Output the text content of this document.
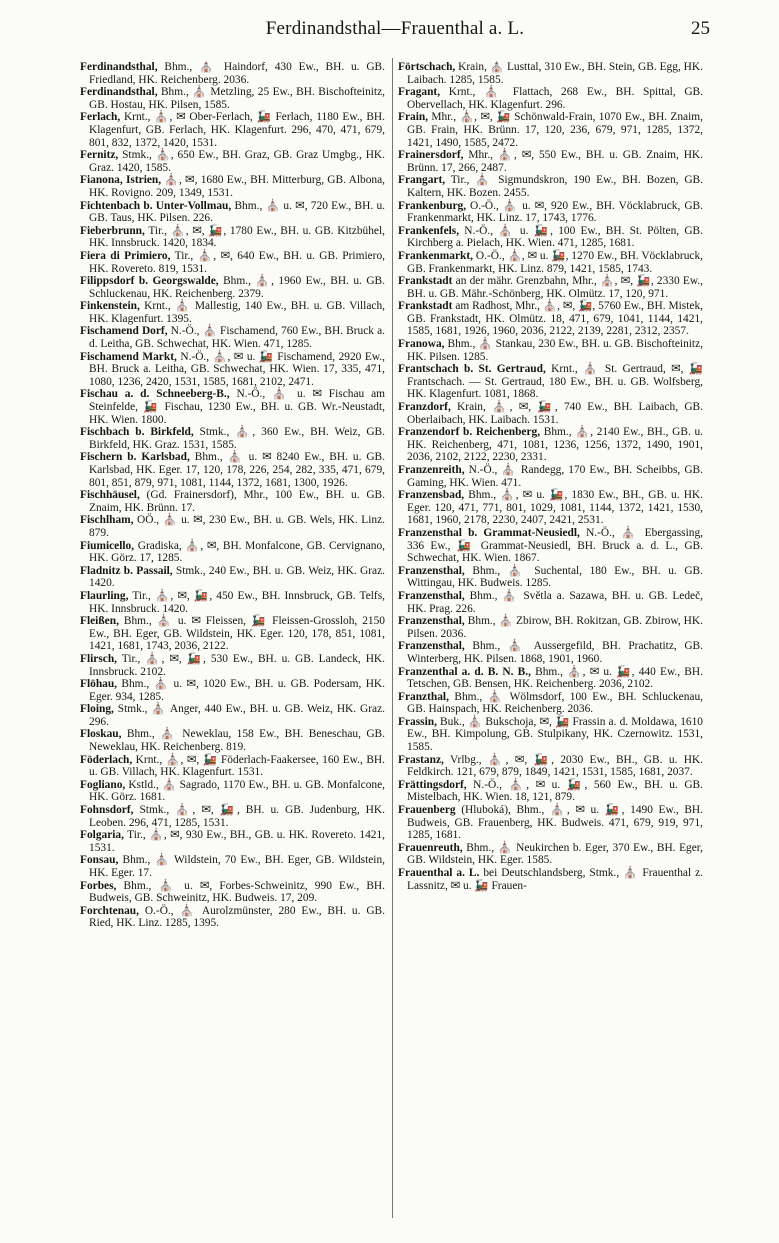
Ferdinandsthal—Frauenthal a. L.	25

Ferdinandsthal, Bhm., ⛪ Haindorf, 430 Ew., BH. u. GB. Friedland, HK. Reichenberg. 2036.

Ferdinandsthal, Bhm., ⛪ Metzling, 25 Ew., BH. Bischofteinitz, GB. Hostau, HK. Pilsen, 1585.

Ferlach, Krnt., ⛪, ✉ Ober-Ferlach, 🚂 Ferlach, 1180 Ew., BH. Klagenfurt, GB. Ferlach, HK. Klagenfurt. 296, 470, 471, 679, 801, 832, 1372, 1420, 1531.

Fernitz, Stmk., ⛪, 650 Ew., BH. Graz, GB. Graz Umgbg., HK. Graz. 1420, 1585.

Fianona, Istrien, ⛪, ✉, 1680 Ew., BH. Mitterburg, GB. Albona, HK. Rovigno. 209, 1349, 1531.

Fichtenbach b. Unter-Vollmau, Bhm., ⛪ u. ✉, 720 Ew., BH. u. GB. Taus, HK. Pilsen. 226.

Fieberbrunn, Tir., ⛪, ✉, 🚂, 1780 Ew., BH. u. GB. Kitzbühel, HK. Innsbruck. 1420, 1834.

Fiera di Primiero, Tir., ⛪, ✉, 640 Ew., BH. u. GB. Primiero, HK. Rovereto. 819, 1531.

Filippsdorf b. Georgswalde, Bhm., ⛪, 1960 Ew., BH. u. GB. Schluckenau, HK. Reichenberg. 2379.

Finkenstein, Krnt., ⛪ Mallestig, 140 Ew., BH. u. GB. Villach, HK. Klagenfurt. 1395.

Fischamend Dorf, N.-Ö., ⛪ Fischamend, 760 Ew., BH. Bruck a. d. Leitha, GB. Schwechat, HK. Wien. 471, 1285.

Fischamend Markt, N.-Ö., ⛪, ✉ u. 🚂 Fischamend, 2920 Ew., BH. Bruck a. Leitha, GB. Schwechat, HK. Wien. 17, 335, 471, 1080, 1236, 2420, 1531, 1585, 1681, 2102, 2471.

Fischau a. d. Schneeberg-B., N.-Ö., ⛪ u. ✉ Fischau am Steinfelde, 🚂 Fischau, 1230 Ew., BH. u. GB. Wr.-Neustadt, HK. Wien. 1800.

Fischbach b. Birkfeld, Stmk., ⛪, 360 Ew., BH. Weiz, GB. Birkfeld, HK. Graz. 1531, 1585.

Fischern b. Karlsbad, Bhm., ⛪ u. ✉ 8240 Ew., BH. u. GB. Karlsbad, HK. Eger. 17, 120, 178, 226, 254, 282, 335, 471, 679, 801, 851, 879, 971, 1081, 1144, 1372, 1681, 1300, 1926.

Fischhäusel, (Gd. Frainersdorf), Mhr., 100 Ew., BH. u. GB. Znaim, HK. Brünn. 17.

Fischlham, OÖ., ⛪ u. ✉, 230 Ew., BH. u. GB. Wels, HK. Linz. 879.

Fiumicello, Gradiska, ⛪, ✉, BH. Monfalcone, GB. Cervignano, HK. Görz. 17, 1285.

Fladnitz b. Passail, Stmk., 240 Ew., BH. u. GB. Weiz, HK. Graz. 1420.

Flaurling, Tir., ⛪, ✉, 🚂, 450 Ew., BH. Innsbruck, GB. Telfs, HK. Innsbruck. 1420.

Fleißen, Bhm., ⛪ u. ✉ Fleissen, 🚂 Fleissen-Grossloh, 2150 Ew., BH. Eger, GB. Wildstein, HK. Eger. 120, 178, 851, 1081, 1421, 1681, 1743, 2036, 2122.

Flirsch, Tir., ⛪, ✉, 🚂, 530 Ew., BH. u. GB. Landeck, HK. Innsbruck. 2102.

Flöhau, Bhm., ⛪ u. ✉, 1020 Ew., BH. u. GB. Podersam, HK. Eger. 934, 1285.

Floing, Stmk., ⛪ Anger, 440 Ew., BH. u. GB. Weiz, HK. Graz. 296.

Floskau, Bhm., ⛪ Neweklau, 158 Ew., BH. Beneschau, GB. Neweklau, HK. Reichenberg. 819.

Föderlach, Krnt., ⛪, ✉, 🚂 Föderlach-Faakersee, 160 Ew., BH. u. GB. Villach, HK. Klagenfurt. 1531.

Fogliano, Kstld., ⛪ Sagrado, 1170 Ew., BH. u. GB. Monfalcone, HK. Görz. 1681.

Fohnsdorf, Stmk., ⛪, ✉, 🚂, BH. u. GB. Judenburg, HK. Leoben. 296, 471, 1285, 1531.

Folgaria, Tir., ⛪, ✉, 930 Ew., BH., GB. u. HK. Rovereto. 1421, 1531.

Fonsau, Bhm., ⛪ Wildstein, 70 Ew., BH. Eger, GB. Wildstein, HK. Eger. 17.

Forbes, Bhm., ⛪ u. ✉, Forbes-Schweinitz, 990 Ew., BH. Budweis, GB. Schweinitz, HK. Budweis. 17, 209.

Forchtenau, O.-Ö., ⛪ Aurolzmünster, 280 Ew., BH. u. GB. Ried, HK. Linz. 1285, 1395.

Förtschach, Krain, ⛪ Lusttal, 310 Ew., BH. Stein, GB. Egg, HK. Laibach. 1285, 1585.

Fragant, Krnt., ⛪ Flattach, 268 Ew., BH. Spittal, GB. Obervellach, HK. Klagenfurt. 296.

Frain, Mhr., ⛪, ✉, 🚂 Schönwald-Frain, 1070 Ew., BH. Znaim, GB. Frain, HK. Brünn. 17, 120, 236, 679, 971, 1285, 1372, 1421, 1490, 1585, 2472.

Frainersdorf, Mhr., ⛪, ✉, 550 Ew., BH. u. GB. Znaim, HK. Brünn. 17, 266, 2487.

Frangart, Tir., ⛪ Sigmundskron, 190 Ew., BH. Bozen, GB. Kaltern, HK. Bozen. 2455.

Frankenburg, O.-Ö., ⛪ u. ✉, 920 Ew., BH. Vöcklabruck, GB. Frankenmarkt, HK. Linz. 17, 1743, 1776.

Frankenfels, N.-Ö., ⛪ u. 🚂, 100 Ew., BH. St. Pölten, GB. Kirchberg a. Pielach, HK. Wien. 471, 1285, 1681.

Frankenmarkt, O.-Ö., ⛪, ✉ u. 🚂, 1270 Ew., BH. Vöcklabruck, GB. Frankenmarkt, HK. Linz. 879, 1421, 1585, 1743.

Frankstadt an der mähr. Grenzbahn, Mhr., ⛪, ✉, 🚂, 2330 Ew., BH. u. GB. Mähr.-Schönberg, HK. Olmütz. 17, 120, 971.

Frankstadt am Radhost, Mhr., ⛪, ✉, 🚂, 5760 Ew., BH. Mistek, GB. Frankstadt, HK. Olmütz. 18, 471, 679, 1041, 1144, 1421, 1585, 1681, 1926, 1960, 2036, 2122, 2139, 2281, 2312, 2357.

Franowa, Bhm., ⛪ Stankau, 230 Ew., BH. u. GB. Bischofteinitz, HK. Pilsen. 1285.

Frantschach b. St. Gertraud, Krnt., ⛪ St. Gertraud, ✉, 🚂 Frantschach. — St. Gertraud, 180 Ew., BH. u. GB. Wolfsberg, HK. Klagenfurt. 1081, 1868.

Franzdorf, Krain, ⛪, ✉, 🚂, 740 Ew., BH. Laibach, GB. Oberlaibach, HK. Laibach. 1531.

Franzendorf b. Reichenberg, Bhm., ⛪, 2140 Ew., BH., GB. u. HK. Reichenberg, 471, 1081, 1236, 1256, 1372, 1490, 1901, 2036, 2102, 2122, 2230, 2331.

Franzenreith, N.-Ö., ⛪ Randegg, 170 Ew., BH. Scheibbs, GB. Gaming, HK. Wien. 471.

Franzensbad, Bhm., ⛪, ✉ u. 🚂, 1830 Ew., BH., GB. u. HK. Eger. 120, 471, 771, 801, 1029, 1081, 1144, 1372, 1421, 1530, 1681, 1960, 2178, 2230, 2407, 2421, 2531.

Franzensthal b. Grammat-Neusiedl, N.-Ö., ⛪ Ebergassing, 336 Ew., 🚂 Grammat-Neusiedl, BH. Bruck a. d. L., GB. Schwechat, HK. Wien. 1867.

Franzensthal, Bhm., ⛪ Suchental, 180 Ew., BH. u. GB. Wittingau, HK. Budweis. 1285.

Franzensthal, Bhm., ⛪ Světla a. Sazawa, BH. u. GB. Ledeč, HK. Prag. 226.

Franzensthal, Bhm., ⛪ Zbirow, BH. Rokitzan, GB. Zbirow, HK. Pilsen. 2036.

Franzensthal, Bhm., ⛪ Aussergefild, BH. Prachatitz, GB. Winterberg, HK. Pilsen. 1868, 1901, 1960.

Franzenthal a. d. B. N. B., Bhm., ⛪, ✉ u. 🚂, 440 Ew., BH. Tetschen, GB. Bensen, HK. Reichenberg. 2036, 2102.

Franzthal, Bhm., ⛪ Wölmsdorf, 100 Ew., BH. Schluckenau, GB. Hainspach, HK. Reichenberg. 2036.

Frassin, Buk., ⛪ Bukschoja, ✉, 🚂 Frassin a. d. Moldawa, 1610 Ew., BH. Kimpolung, GB. Stulpikany, HK. Czernowitz. 1531, 1585.

Frastanz, Vrlbg., ⛪, ✉, 🚂, 2030 Ew., BH., GB. u. HK. Feldkirch. 121, 679, 879, 1849, 1421, 1531, 1585, 1681, 2037.

Frättingsdorf, N.-Ö., ⛪, ✉ u. 🚂, 560 Ew., BH. u. GB. Mistelbach, HK. Wien. 18, 121, 879.

Frauenberg (Hluboká), Bhm., ⛪, ✉ u. 🚂, 1490 Ew., BH. Budweis, GB. Frauenberg, HK. Budweis. 471, 679, 919, 971, 1285, 1681.

Frauenreuth, Bhm., ⛪ Neukirchen b. Eger, 370 Ew., BH. Eger, GB. Wildstein, HK. Eger. 1585.

Frauenthal a. L. bei Deutschlandsberg, Stmk., ⛪ Frauenthal z. Lassnitz, ✉ u. 🚂 Frauen-
